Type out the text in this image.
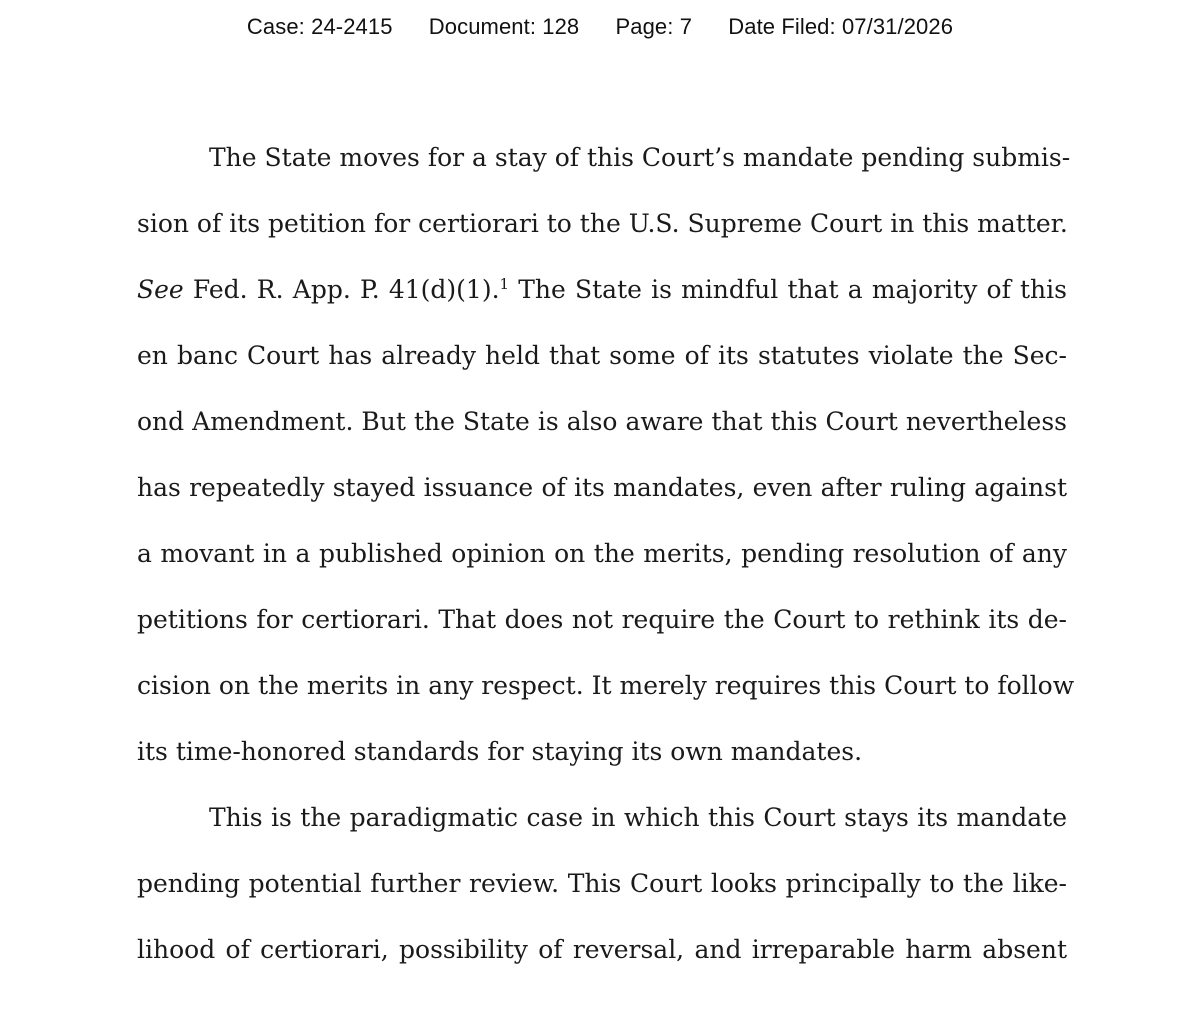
Case: 24-2415 Document: 128 Page: 7 Date Filed: 07/31/2026
The State moves for a stay of this Court’s mandate pending submis-
sion of its petition for certiorari to the U.S. Supreme Court in this matter.
See Fed. R. App. P. 41(d)(1).$^1$ The State is mindful that a majority of this
en banc Court has already held that some of its statutes violate the Sec-
ond Amendment. But the State is also aware that this Court nevertheless
has repeatedly stayed issuance of its mandates, even after ruling against
a movant in a published opinion on the merits, pending resolution of any
petitions for certiorari. That does not require the Court to rethink its de-
cision on the merits in any respect. It merely requires this Court to follow
its time-honored standards for staying its own mandates.
This is the paradigmatic case in which this Court stays its mandate
pending potential further review. This Court looks principally to the like-
lihood of certiorari, possibility of reversal, and irreparable harm absent
